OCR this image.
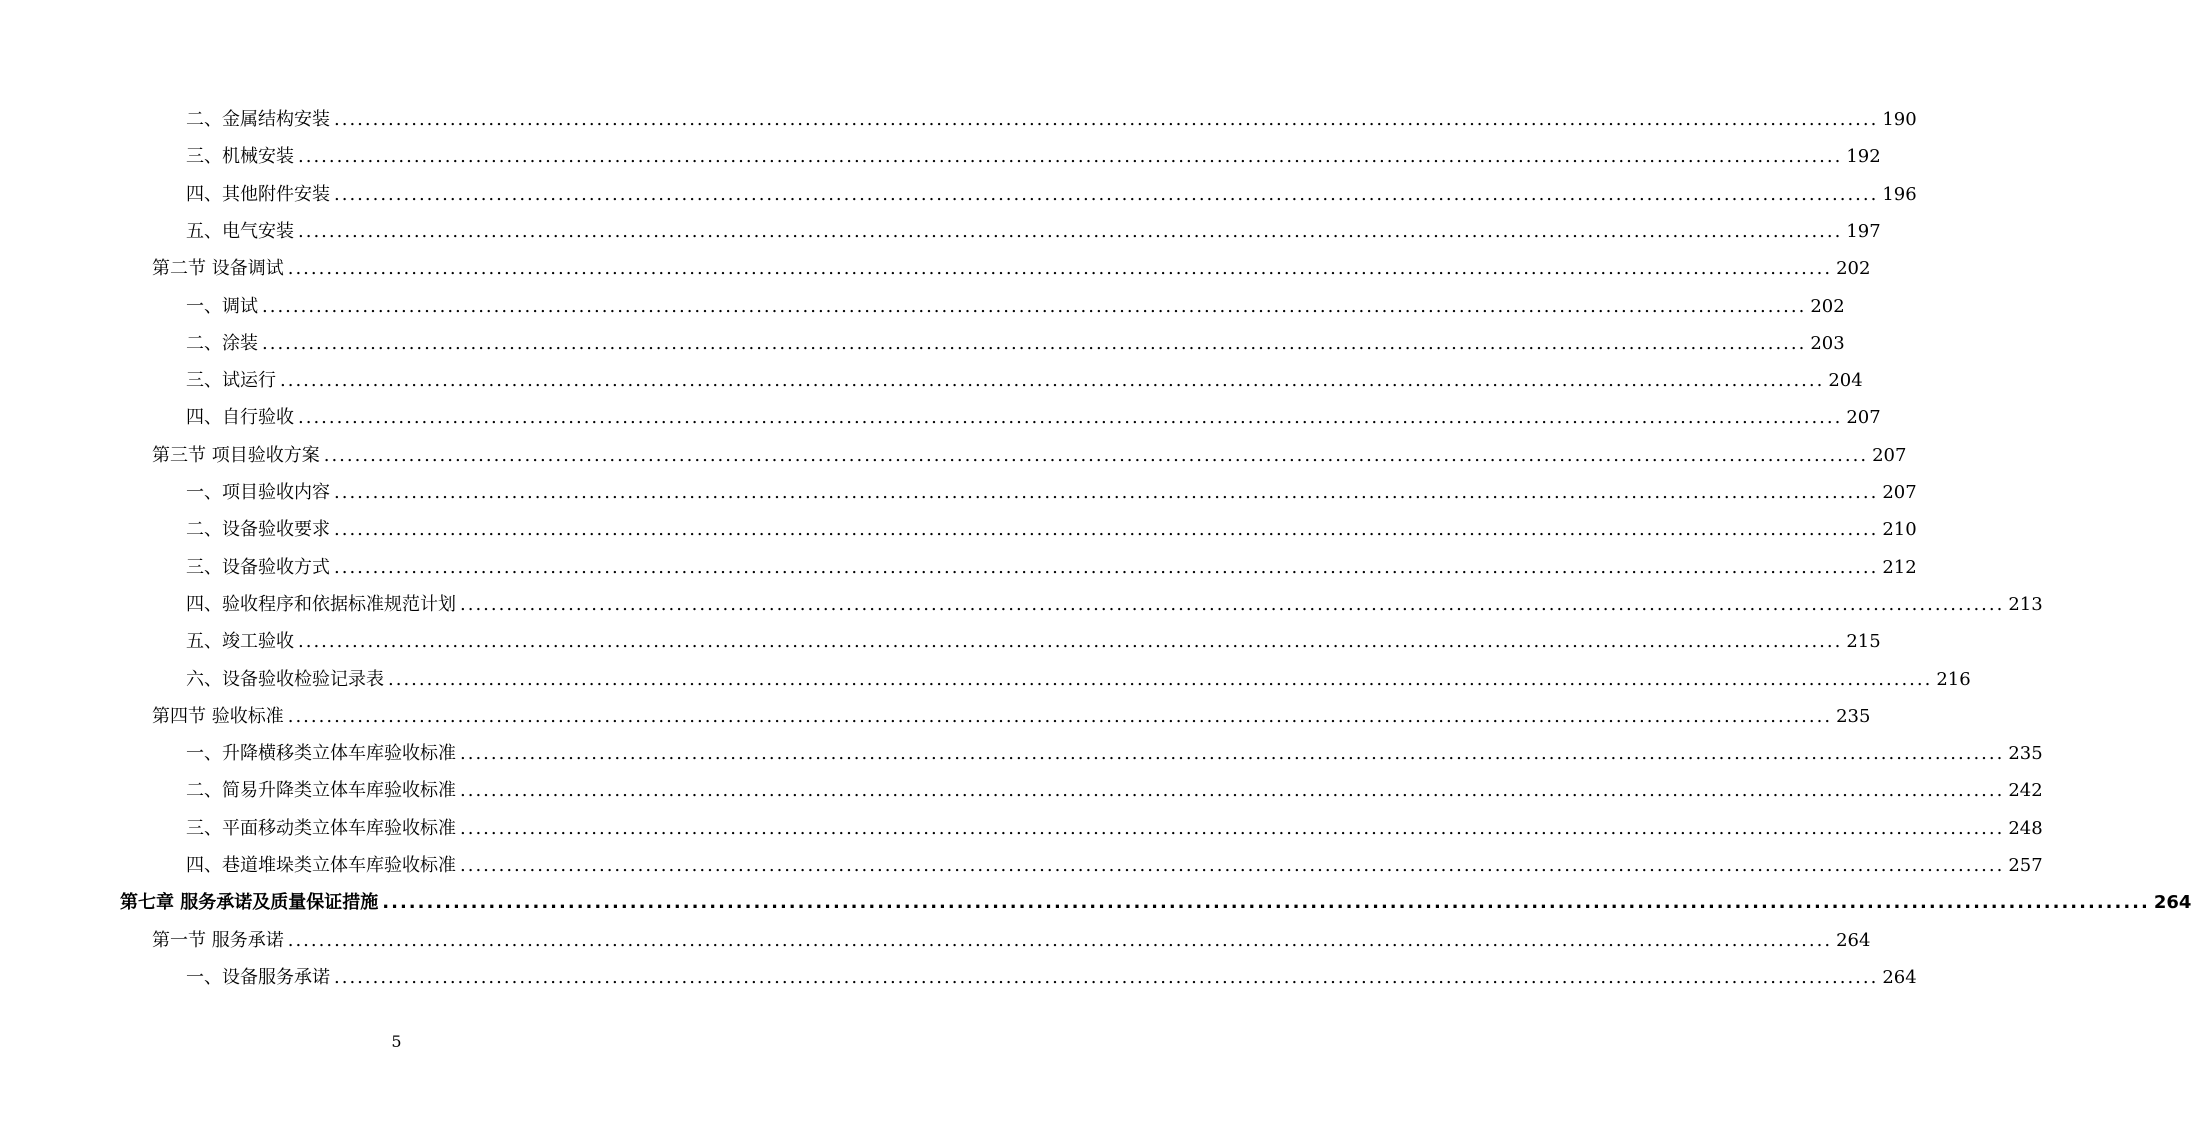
二、金属结构安装 ........................................................................................................................................................................................................ 190
三、机械安装 ........................................................................................................................................................................................................ 192
四、其他附件安装 ........................................................................................................................................................................................................ 196
五、电气安装 ........................................................................................................................................................................................................ 197
第二节 设备调试 ........................................................................................................................................................................................................ 202
一、调试 ........................................................................................................................................................................................................ 202
二、涂装 ........................................................................................................................................................................................................ 203
三、试运行 ........................................................................................................................................................................................................ 204
四、自行验收 ........................................................................................................................................................................................................ 207
第三节 项目验收方案 ........................................................................................................................................................................................................ 207
一、项目验收内容 ........................................................................................................................................................................................................ 207
二、设备验收要求 ........................................................................................................................................................................................................ 210
三、设备验收方式 ........................................................................................................................................................................................................ 212
四、验收程序和依据标准规范计划 ........................................................................................................................................................................................................ 213
五、竣工验收 ........................................................................................................................................................................................................ 215
六、设备验收检验记录表 ........................................................................................................................................................................................................ 216
第四节 验收标准 ........................................................................................................................................................................................................ 235
一、升降横移类立体车库验收标准 ........................................................................................................................................................................................................ 235
二、简易升降类立体车库验收标准 ........................................................................................................................................................................................................ 242
三、平面移动类立体车库验收标准 ........................................................................................................................................................................................................ 248
四、巷道堆垛类立体车库验收标准 ........................................................................................................................................................................................................ 257
第七章 服务承诺及质量保证措施 ........................................................................................................................................................................................................ 264
第一节 服务承诺 ........................................................................................................................................................................................................ 264
一、设备服务承诺 ........................................................................................................................................................................................................ 264
5
